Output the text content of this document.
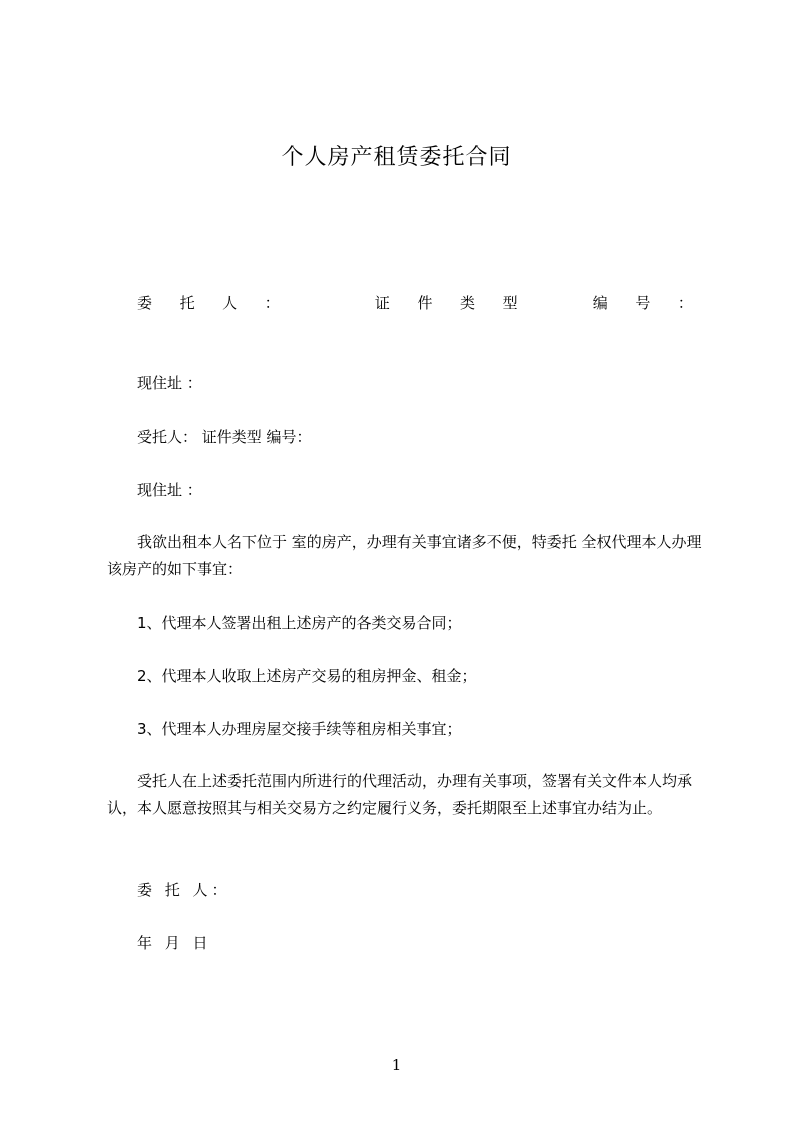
个人房产租赁委托合同
委 托 人 ：	证 件 类 型	编 号 ：
现住址 ：
受托人： 证件类型 编号：
现住址 ：
我欲出租本人名下位于 室的房产，办理有关事宜诸多不便，特委托 全权代理本人办理该房产的如下事宜：
1、代理本人签署出租上述房产的各类交易合同；
2、代理本人收取上述房产交易的租房押金、租金；
3、代理本人办理房屋交接手续等租房相关事宜；
受托人在上述委托范围内所进行的代理活动，办理有关事项，签署有关文件本人均承认，本人愿意按照其与相关交易方之约定履行义务，委托期限至上述事宜办结为止。
委 托 人：
年 月 日
1
